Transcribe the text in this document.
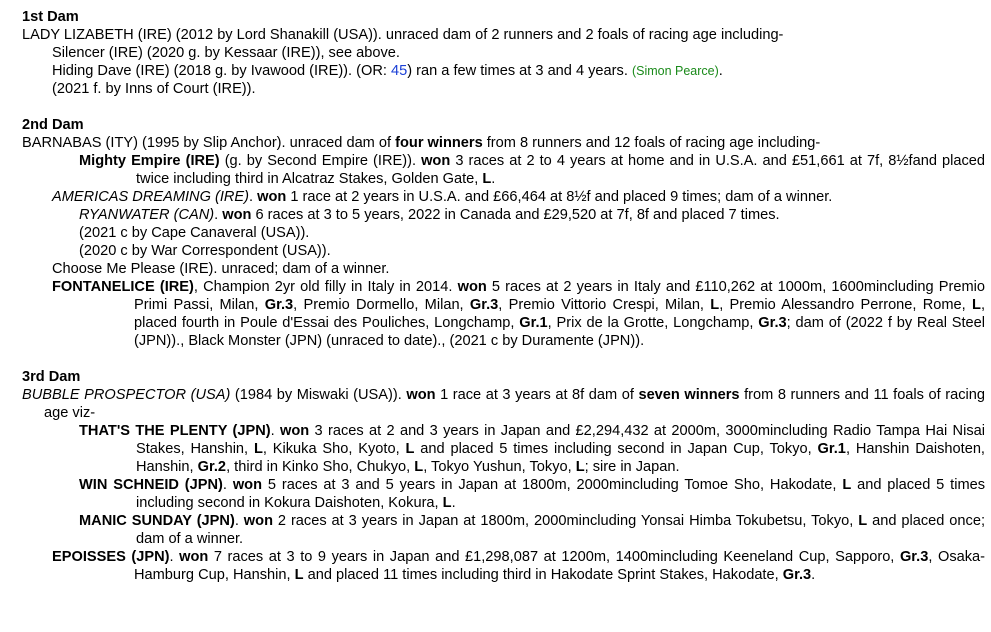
1st Dam
LADY LIZABETH (IRE) (2012 by Lord Shanakill (USA)). unraced dam of 2 runners and 2 foals of racing age including-
Silencer (IRE) (2020 g. by Kessaar (IRE)), see above.
Hiding Dave (IRE) (2018 g. by Ivawood (IRE)). (OR: 45) ran a few times at 3 and 4 years. (Simon Pearce).
(2021 f. by Inns of Court (IRE)).
2nd Dam
BARNABAS (ITY) (1995 by Slip Anchor). unraced dam of four winners from 8 runners and 12 foals of racing age including-
Mighty Empire (IRE) (g. by Second Empire (IRE)). won 3 races at 2 to 4 years at home and in U.S.A. and £51,661 at 7f, 8½fand placed twice including third in Alcatraz Stakes, Golden Gate, L.
AMERICAS DREAMING (IRE). won 1 race at 2 years in U.S.A. and £66,464 at 8½f and placed 9 times; dam of a winner.
RYANWATER (CAN). won 6 races at 3 to 5 years, 2022 in Canada and £29,520 at 7f, 8f and placed 7 times.
(2021 c by Cape Canaveral (USA)).
(2020 c by War Correspondent (USA)).
Choose Me Please (IRE). unraced; dam of a winner.
FONTANELICE (IRE), Champion 2yr old filly in Italy in 2014. won 5 races at 2 years in Italy and £110,262 at 1000m, 1600mincluding Premio Primi Passi, Milan, Gr.3, Premio Dormello, Milan, Gr.3, Premio Vittorio Crespi, Milan, L, Premio Alessandro Perrone, Rome, L, placed fourth in Poule d'Essai des Pouliches, Longchamp, Gr.1, Prix de la Grotte, Longchamp, Gr.3; dam of (2022 f by Real Steel (JPN))., Black Monster (JPN) (unraced to date)., (2021 c by Duramente (JPN)).
3rd Dam
BUBBLE PROSPECTOR (USA) (1984 by Miswaki (USA)). won 1 race at 3 years at 8f dam of seven winners from 8 runners and 11 foals of racing age viz-
THAT'S THE PLENTY (JPN). won 3 races at 2 and 3 years in Japan and £2,294,432 at 2000m, 3000mincluding Radio Tampa Hai Nisai Stakes, Hanshin, L, Kikuka Sho, Kyoto, L and placed 5 times including second in Japan Cup, Tokyo, Gr.1, Hanshin Daishoten, Hanshin, Gr.2, third in Kinko Sho, Chukyo, L, Tokyo Yushun, Tokyo, L; sire in Japan.
WIN SCHNEID (JPN). won 5 races at 3 and 5 years in Japan at 1800m, 2000mincluding Tomoe Sho, Hakodate, L and placed 5 times including second in Kokura Daishoten, Kokura, L.
MANIC SUNDAY (JPN). won 2 races at 3 years in Japan at 1800m, 2000mincluding Yonsai Himba Tokubetsu, Tokyo, L and placed once; dam of a winner.
EPOISSES (JPN). won 7 races at 3 to 9 years in Japan and £1,298,087 at 1200m, 1400mincluding Keeneland Cup, Sapporo, Gr.3, Osaka-Hamburg Cup, Hanshin, L and placed 11 times including third in Hakodate Sprint Stakes, Hakodate, Gr.3.
